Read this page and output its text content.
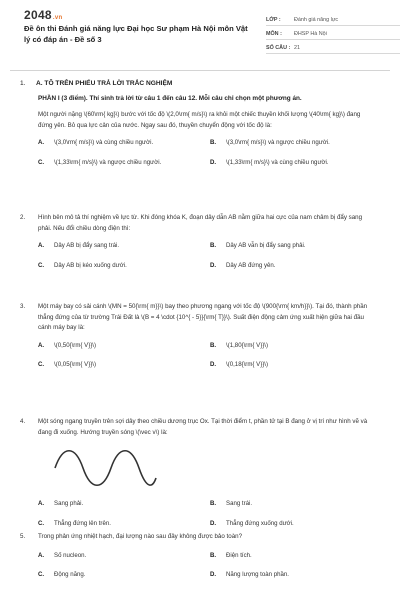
2048.vn
Đề ôn thi Đánh giá năng lực Đại học Sư phạm Hà Nội môn Vật lý có đáp án - Đề số 3
LỚP :	Đánh giá năng lực
MÔN :	ĐHSP Hà Nội
SỐ CÂU : 21
1. A. TÔ TRÊN PHIẾU TRẢ LỜI TRẮC NGHIỆM
PHẦN I (3 điểm). Thí sinh trả lời từ câu 1 đến câu 12. Mỗi câu chỉ chọn một phương án.
Một người nặng \(60\rm{ kg}\) bước với tốc độ \(2,0\rm{ m/s}\) ra khỏi một chiếc thuyền khối lượng \(40\rm{ kg}\) đang đứng yên. Bỏ qua lực cản của nước. Ngay sau đó, thuyền chuyển động với tốc độ là:
A.	\(3,0\rm{ m/s}\) và cùng chiều người.	B.	\(3,0\rm{ m/s}\) và ngược chiều người.
C.	\(1,33\rm{ m/s}\) và ngược chiều người.	D.	\(1,33\rm{ m/s}\) và cùng chiều người.
2.	Hình bên mô tả thí nghiệm về lực từ. Khi đóng khóa K, đoạn dây dẫn AB nằm giữa hai cực của nam châm bị đẩy sang phải. Nếu đổi chiều dòng điện thì:
A.	Dây AB bị đẩy sang trái.	B.	Dây AB vẫn bị đẩy sang phải.
C.	Dây AB bị kéo xuống dưới.	D.	Dây AB đứng yên.
3.	Một máy bay có sải cánh \(MN = 50{\rm{ m}}\) bay theo phương ngang với tốc độ \(900{\rm{ km/h}}\). Tại đó, thành phần thẳng đứng của từ trường Trái Đất là \(B = 4 \cdot {10^{ - 5}}{\rm{ T}}\). Suất điện động cảm ứng xuất hiện giữa hai đầu cánh máy bay là:
A.	\(0,50{\rm{ V}}\)	B.	\(1,80{\rm{ V}}\)
C.	\(0,05{\rm{ V}}\)	D.	\(0,18{\rm{ V}}\)
4.	Một sóng ngang truyền trên sợi dây theo chiều dương trục Ox. Tại thời điểm t, phần tử tại B đang ở vị trí như hình vẽ và đang đi xuống. Hướng truyền sóng \(\vec v\) là:
A.	Sang phải.	B.	Sang trái.
C.	Thẳng đứng lên trên.	D.	Thẳng đứng xuống dưới.
5.	Trong phản ứng nhiệt hạch, đại lượng nào sau đây không được bảo toàn?
A.	Số nucleon.	B.	Điện tích.
C.	Động năng.	D.	Năng lượng toàn phần.
